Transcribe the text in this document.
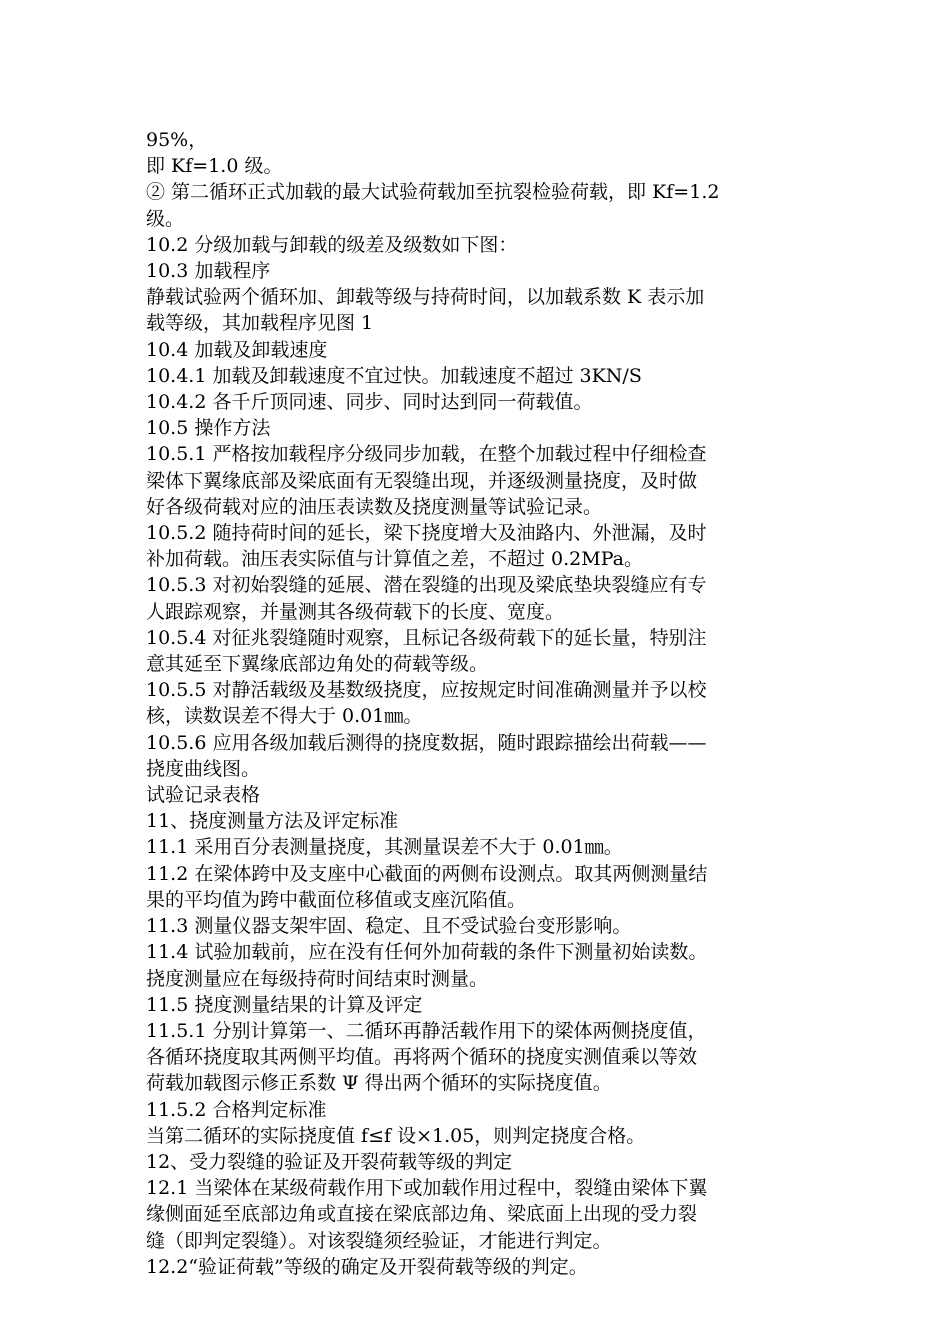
95%，
即 Kf=1.0 级。
② 第二循环正式加载的最大试验荷载加至抗裂检验荷载，即 Kf=1.2
级。
10.2 分级加载与卸载的级差及级数如下图：
10.3 加载程序
静载试验两个循环加、卸载等级与持荷时间，以加载系数 K 表示加
载等级，其加载程序见图 1
10.4 加载及卸载速度
10.4.1 加载及卸载速度不宜过快。加载速度不超过 3KN/S
10.4.2 各千斤顶同速、同步、同时达到同一荷载值。
10.5 操作方法
10.5.1 严格按加载程序分级同步加载，在整个加载过程中仔细检查
梁体下翼缘底部及梁底面有无裂缝出现，并逐级测量挠度，及时做
好各级荷载对应的油压表读数及挠度测量等试验记录。
10.5.2 随持荷时间的延长，梁下挠度增大及油路内、外泄漏，及时
补加荷载。油压表实际值与计算值之差，不超过 0.2MPa。
10.5.3 对初始裂缝的延展、潜在裂缝的出现及梁底垫块裂缝应有专
人跟踪观察，并量测其各级荷载下的长度、宽度。
10.5.4 对征兆裂缝随时观察，且标记各级荷载下的延长量，特别注
意其延至下翼缘底部边角处的荷载等级。
10.5.5 对静活载级及基数级挠度，应按规定时间准确测量并予以校
核，读数误差不得大于 0.01㎜。
10.5.6 应用各级加载后测得的挠度数据，随时跟踪描绘出荷载——
挠度曲线图。
试验记录表格
11、挠度测量方法及评定标准
11.1 采用百分表测量挠度，其测量误差不大于 0.01㎜。
11.2 在梁体跨中及支座中心截面的两侧布设测点。取其两侧测量结
果的平均值为跨中截面位移值或支座沉陷值。
11.3 测量仪器支架牢固、稳定、且不受试验台变形影响。
11.4 试验加载前，应在没有任何外加荷载的条件下测量初始读数。
挠度测量应在每级持荷时间结束时测量。
11.5 挠度测量结果的计算及评定
11.5.1 分别计算第一、二循环再静活载作用下的梁体两侧挠度值，
各循环挠度取其两侧平均值。再将两个循环的挠度实测值乘以等效
荷载加载图示修正系数 Ψ 得出两个循环的实际挠度值。
11.5.2 合格判定标准
当第二循环的实际挠度值 f≤f 设×1.05，则判定挠度合格。
12、受力裂缝的验证及开裂荷载等级的判定
12.1 当梁体在某级荷载作用下或加载作用过程中，裂缝由梁体下翼
缘侧面延至底部边角或直接在梁底部边角、梁底面上出现的受力裂
缝（即判定裂缝）。对该裂缝须经验证，才能进行判定。
12.2“验证荷载”等级的确定及开裂荷载等级的判定。
